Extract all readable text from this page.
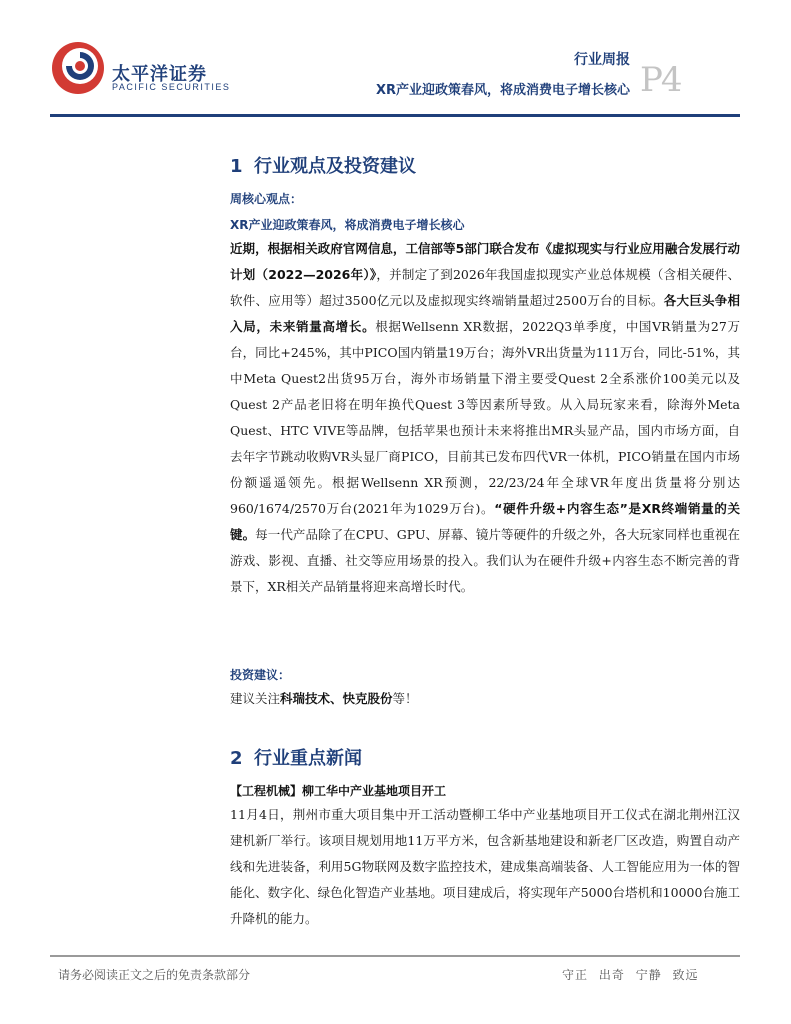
太平洋证券
PACIFIC SECURITIES
行业周报
XR产业迎政策春风，将成消费电子增长核心 P4
1 行业观点及投资建议
周核心观点：
XR产业迎政策春风，将成消费电子增长核心
近期，根据相关政府官网信息，工信部等5部门联合发布《虚拟现实与行业应用融合发展行动计划（2022—2026年）》，并制定了到2026年我国虚拟现实产业总体规模（含相关硬件、软件、应用等）超过3500亿元以及虚拟现实终端销量超过2500万台的目标。各大巨头争相入局，未来销量高增长。根据Wellsenn XR数据，2022Q3单季度，中国VR销量为27万台，同比+245%，其中PICO国内销量19万台；海外VR出货量为111万台，同比-51%，其中Meta Quest2出货95万台，海外市场销量下滑主要受Quest 2全系涨价100美元以及Quest 2产品老旧将在明年换代Quest 3等因素所导致。从入局玩家来看，除海外Meta Quest、HTC VIVE等品牌，包括苹果也预计未来将推出MR头显产品，国内市场方面，自去年字节跳动收购VR头显厂商PICO，目前其已发布四代VR一体机，PICO销量在国内市场份额遥遥领先。根据Wellsenn XR预测，22/23/24年全球VR年度出货量将分别达960/1674/2570万台(2021年为1029万台)。“硬件升级+内容生态”是XR终端销量的关键。每一代产品除了在CPU、GPU、屏幕、镜片等硬件的升级之外，各大玩家同样也重视在游戏、影视、直播、社交等应用场景的投入。我们认为在硬件升级+内容生态不断完善的背景下，XR相关产品销量将迎来高增长时代。
投资建议：
建议关注科瑞技术、快克股份等！
2 行业重点新闻
【工程机械】柳工华中产业基地项目开工
11月4日，荆州市重大项目集中开工活动暨柳工华中产业基地项目开工仪式在湖北荆州江汉建机新厂举行。该项目规划用地11万平方米，包含新基地建设和新老厂区改造，购置自动产线和先进装备，利用5G物联网及数字监控技术，建成集高端装备、人工智能应用为一体的智能化、数字化、绿色化智造产业基地。项目建成后，将实现年产5000台塔机和10000台施工升降机的能力。
请务必阅读正文之后的免责条款部分	守正 出奇 宁静 致远
